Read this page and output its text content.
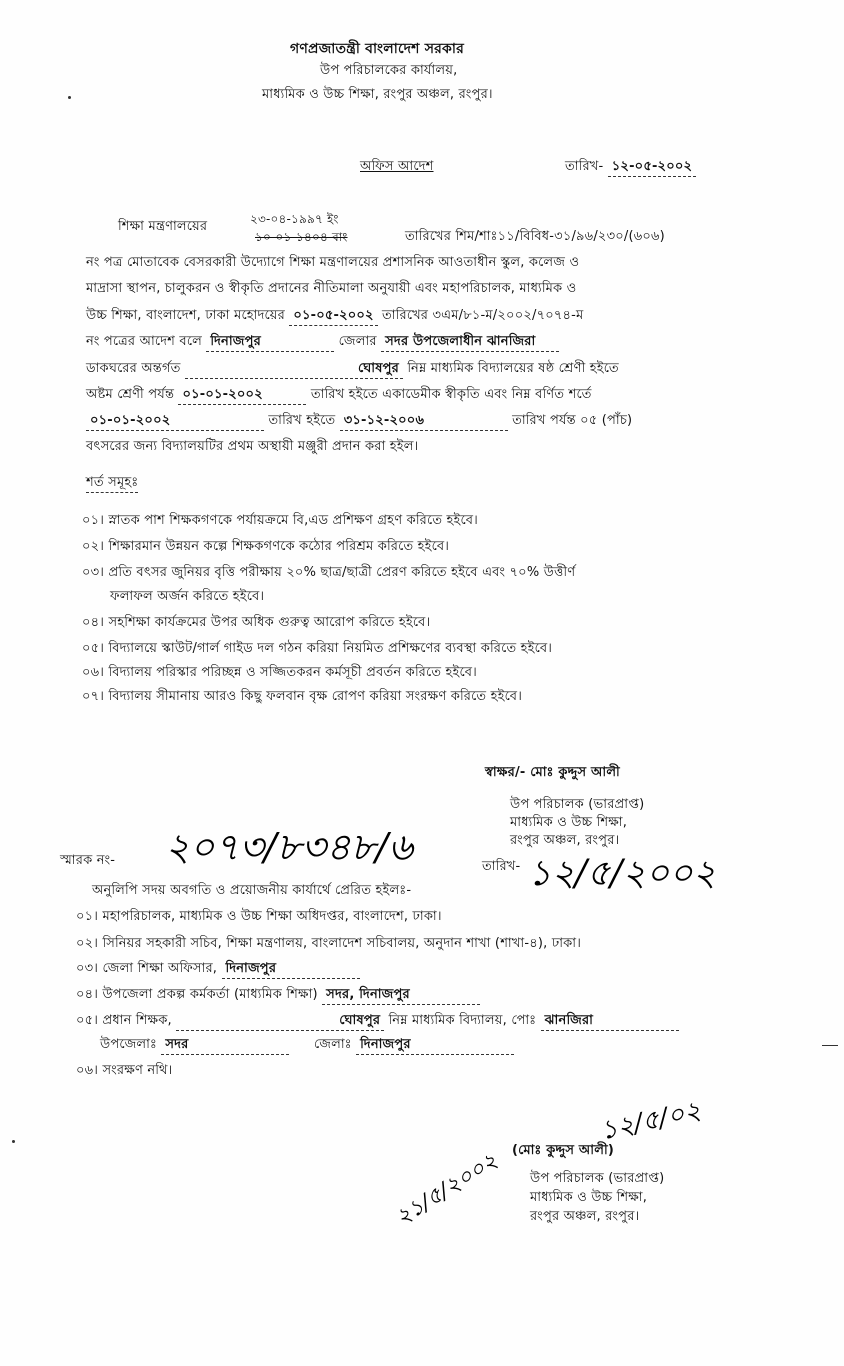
গণপ্রজাতন্ত্রী বাংলাদেশ সরকার
উপ পরিচালকের কার্যালয়,
মাধ্যমিক ও উচ্চ শিক্ষা, রংপুর অঞ্চল, রংপুর।
অফিস আদেশ	তারিখ- ১২-০৫-২০০২
শিক্ষা মন্ত্রণালয়ের	২৩-০৪-১৯৯৭ ইং
১০-০১-১৪০৪ বাং	তারিখের শিম/শাঃ১১/বিবিধ-৩১/৯৬/২৩০/(৬০৬)
নং পত্র মোতাবেক বেসরকারী উদ্যোগে শিক্ষা মন্ত্রণালয়ের প্রশাসনিক আওতাধীন স্কুল, কলেজ ও
মাদ্রাসা স্থাপন, চালুকরন ও স্বীকৃতি প্রদানের নীতিমালা অনুযায়ী এবং মহাপরিচালক, মাধ্যমিক ও
উচ্চ শিক্ষা, বাংলাদেশ, ঢাকা মহোদয়ের ০১-০৫-২০০২ তারিখের ৩এম/৮১-ম/২০০২/৭০৭৪-ম
নং পত্রের আদেশ বলে দিনাজপুর	জেলার সদর উপজেলাধীন ঝানজিরা
ডাকঘরের অন্তর্গত	ঘোষপুর নিম্ন মাধ্যমিক বিদ্যালয়ের ষষ্ঠ শ্রেণী হইতে
অষ্টম শ্রেণী পর্যন্ত ০১-০১-২০০২	তারিখ হইতে একাডেমীক স্বীকৃতি এবং নিম্ন বর্ণিত শর্তে
০১-০১-২০০২	তারিখ হইতে ৩১-১২-২০০৬	তারিখ পর্যন্ত ০৫ (পাঁচ)
বৎসরের জন্য বিদ্যালয়টির প্রথম অস্থায়ী মঞ্জুরী প্রদান করা হইল।
শর্ত সমূহঃ
০১। স্নাতক পাশ শিক্ষকগণকে পর্যায়ক্রমে বি,এড প্রশিক্ষণ গ্রহণ করিতে হইবে।
০২। শিক্ষারমান উন্নয়ন কল্পে শিক্ষকগণকে কঠোর পরিশ্রম করিতে হইবে।
০৩। প্রতি বৎসর জুনিয়র বৃত্তি পরীক্ষায় ২০% ছাত্র/ছাত্রী প্রেরণ করিতে হইবে এবং ৭০% উত্তীর্ণ
ফলাফল অর্জন করিতে হইবে।
০৪। সহশিক্ষা কার্যক্রমের উপর অধিক গুরুত্ব আরোপ করিতে হইবে।
০৫। বিদ্যালয়ে স্কাউট/গার্ল গাইড দল গঠন করিয়া নিয়মিত প্রশিক্ষণের ব্যবস্থা করিতে হইবে।
০৬। বিদ্যালয় পরিস্কার পরিচ্ছন্ন ও সজ্জিতকরন কর্মসূচী প্রবর্তন করিতে হইবে।
০৭। বিদ্যালয় সীমানায় আরও কিছু ফলবান বৃক্ষ রোপণ করিয়া সংরক্ষণ করিতে হইবে।
স্বাক্ষর/- মোঃ কুদ্দুস আলী
উপ পরিচালক (ভারপ্রাপ্ত)
মাধ্যমিক ও উচ্চ শিক্ষা,
রংপুর অঞ্চল, রংপুর।
স্মারক নং- ২০৭৩/৮৩৪৮/৬	তারিখ- ১২/৫/২০০২
অনুলিপি সদয় অবগতি ও প্রয়োজনীয় কার্যার্থে প্রেরিত হইলঃ-
০১। মহাপরিচালক, মাধ্যমিক ও উচ্চ শিক্ষা অধিদপ্তর, বাংলাদেশ, ঢাকা।
০২। সিনিয়র সহকারী সচিব, শিক্ষা মন্ত্রণালয়, বাংলাদেশ সচিবালয়, অনুদান শাখা (শাখা-৪), ঢাকা।
০৩। জেলা শিক্ষা অফিসার, দিনাজপুর
০৪। উপজেলা প্রকল্প কর্মকর্তা (মাধ্যমিক শিক্ষা) সদর, দিনাজপুর
০৫। প্রধান শিক্ষক,	ঘোষপুর নিম্ন মাধ্যমিক বিদ্যালয়, পোঃ ঝানজিরা
উপজেলাঃ সদর	জেলাঃ দিনাজপুর
০৬। সংরক্ষণ নথি।
১২/৫/০২
(মোঃ কুদ্দুস আলী)
উপ পরিচালক (ভারপ্রাপ্ত)
মাধ্যমিক ও উচ্চ শিক্ষা,
রংপুর অঞ্চল, রংপুর।
২১/৫/২০০২
